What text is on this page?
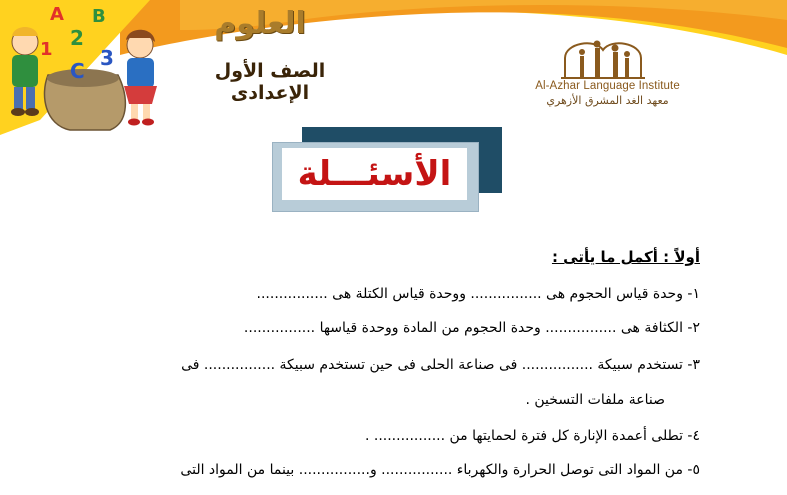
A B
1 2
3
C
العلوم
الصف الأول الإعدادى	Al-Azhar Language Institute
معهد الغد المشرق الأزهري
الأسئـــلة
أولاً : أكمل ما يأتى :
١- وحدة قياس الحجوم هى ................ ووحدة قياس الكتلة هى ................
٢- الكثافة هى ................ وحدة الحجوم من المادة ووحدة قياسها ................
٣- تستخدم سبيكة ................ فى صناعة الحلى فى حين تستخدم سبيكة ................ فى
صناعة ملفات التسخين .
٤- تطلى أعمدة الإنارة كل فترة لحمايتها من ................ .
٥- من المواد التى توصل الحرارة والكهرباء ................ و................ بينما من المواد التى
